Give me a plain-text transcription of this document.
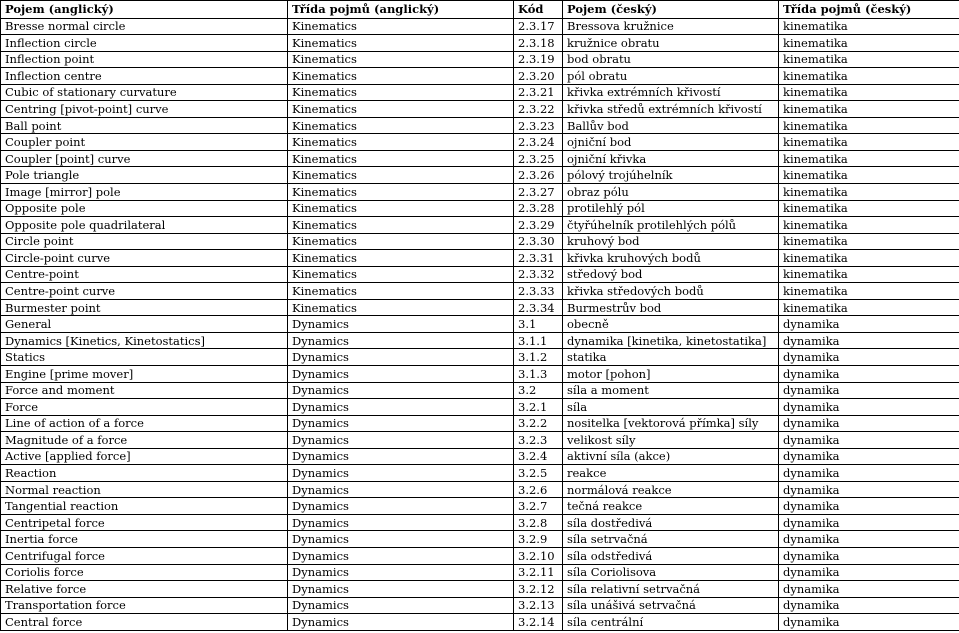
Pojem (anglický)	Třída pojmů (anglický)	Kód	Pojem (český)	Třída pojmů (český)
Bresse normal circle	Kinematics	2.3.17	Bressova kružnice	kinematika
Inflection circle	Kinematics	2.3.18	kružnice obratu	kinematika
Inflection point	Kinematics	2.3.19	bod obratu	kinematika
Inflection centre	Kinematics	2.3.20	pól obratu	kinematika
Cubic of stationary curvature	Kinematics	2.3.21	křivka extrémních křivostí	kinematika
Centring [pivot-point] curve	Kinematics	2.3.22	křivka středů extrémních křivostí	kinematika
Ball point	Kinematics	2.3.23	Ballův bod	kinematika
Coupler point	Kinematics	2.3.24	ojniční bod	kinematika
Coupler [point] curve	Kinematics	2.3.25	ojniční křivka	kinematika
Pole triangle	Kinematics	2.3.26	pólový trojúhelník	kinematika
Image [mirror] pole	Kinematics	2.3.27	obraz pólu	kinematika
Opposite pole	Kinematics	2.3.28	protilehlý pól	kinematika
Opposite pole quadrilateral	Kinematics	2.3.29	čtyřúhelník protilehlých pólů	kinematika
Circle point	Kinematics	2.3.30	kruhový bod	kinematika
Circle-point curve	Kinematics	2.3.31	křivka kruhových bodů	kinematika
Centre-point	Kinematics	2.3.32	středový bod	kinematika
Centre-point curve	Kinematics	2.3.33	křivka středových bodů	kinematika
Burmester point	Kinematics	2.3.34	Burmestrův bod	kinematika
General	Dynamics	3.1	obecně	dynamika
Dynamics [Kinetics, Kinetostatics]	Dynamics	3.1.1	dynamika [kinetika, kinetostatika]	dynamika
Statics	Dynamics	3.1.2	statika	dynamika
Engine [prime mover]	Dynamics	3.1.3	motor [pohon]	dynamika
Force and moment	Dynamics	3.2	síla a moment	dynamika
Force	Dynamics	3.2.1	síla	dynamika
Line of action of a force	Dynamics	3.2.2	nositelka [vektorová přímka] síly	dynamika
Magnitude of a force	Dynamics	3.2.3	velikost síly	dynamika
Active [applied force]	Dynamics	3.2.4	aktivní síla (akce)	dynamika
Reaction	Dynamics	3.2.5	reakce	dynamika
Normal reaction	Dynamics	3.2.6	normálová reakce	dynamika
Tangential reaction	Dynamics	3.2.7	tečná reakce	dynamika
Centripetal force	Dynamics	3.2.8	síla dostředivá	dynamika
Inertia force	Dynamics	3.2.9	síla setrvačná	dynamika
Centrifugal force	Dynamics	3.2.10	síla odstředivá	dynamika
Coriolis force	Dynamics	3.2.11	síla Coriolisova	dynamika
Relative force	Dynamics	3.2.12	síla relativní setrvačná	dynamika
Transportation force	Dynamics	3.2.13	síla unášivá setrvačná	dynamika
Central force	Dynamics	3.2.14	síla centrální	dynamika
